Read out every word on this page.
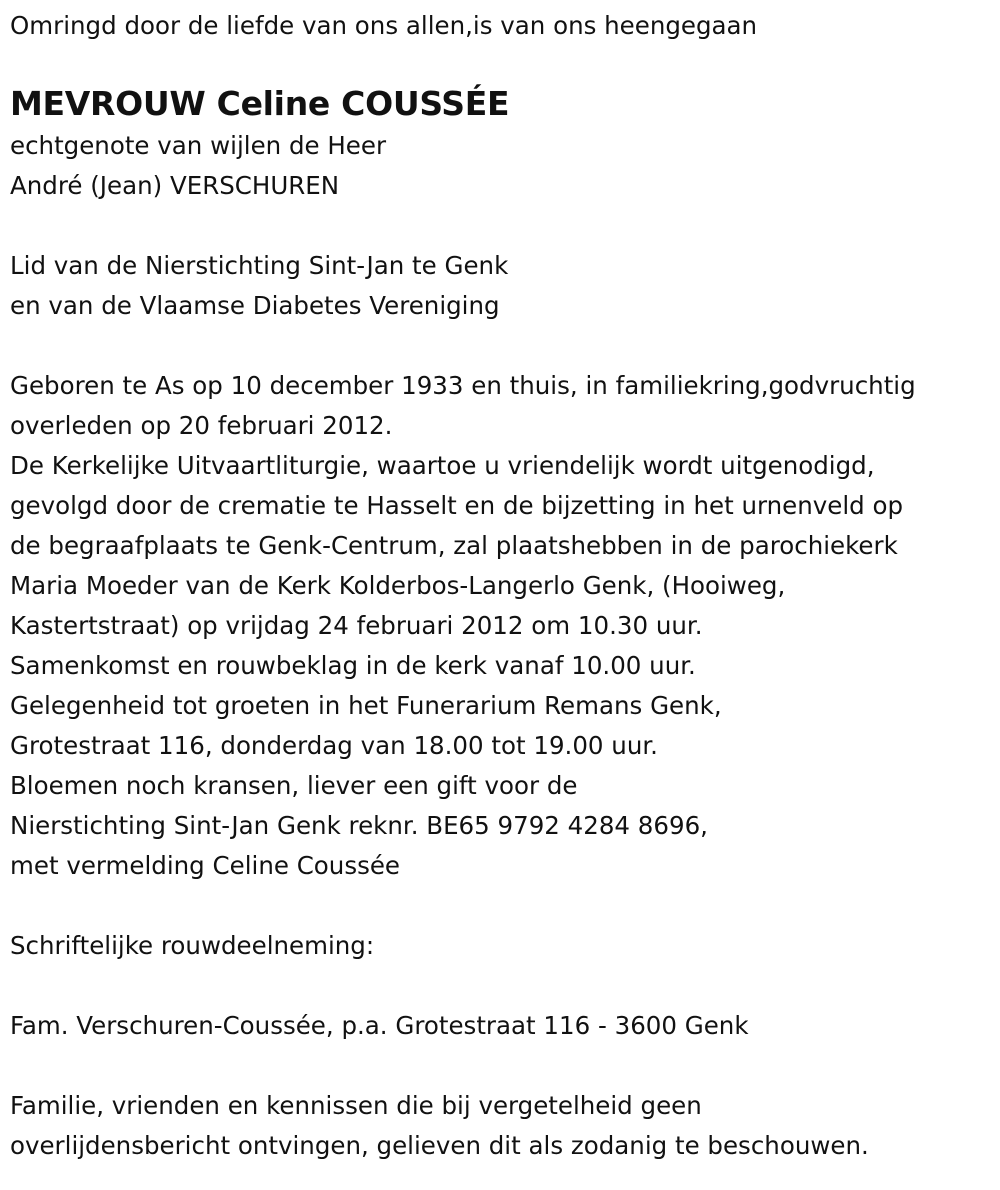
Omringd door de liefde van ons allen,is van ons heengegaan
MEVROUW Celine COUSSÉE
echtgenote van wijlen de Heer
André (Jean) VERSCHUREN
Lid van de Nierstichting Sint-Jan te Genk
en van de Vlaamse Diabetes Vereniging
Geboren te As op 10 december 1933 en thuis, in familiekring,godvruchtig
overleden op 20 februari 2012.
De Kerkelijke Uitvaartliturgie, waartoe u vriendelijk wordt uitgenodigd,
gevolgd door de crematie te Hasselt en de bijzetting in het urnenveld op
de begraafplaats te Genk-Centrum, zal plaatshebben in de parochiekerk
Maria Moeder van de Kerk Kolderbos-Langerlo Genk, (Hooiweg,
Kastertstraat) op vrijdag 24 februari 2012 om 10.30 uur.
Samenkomst en rouwbeklag in de kerk vanaf 10.00 uur.
Gelegenheid tot groeten in het Funerarium Remans Genk,
Grotestraat 116, donderdag van 18.00 tot 19.00 uur.
Bloemen noch kransen, liever een gift voor de
Nierstichting Sint-Jan Genk reknr. BE65 9792 4284 8696,
met vermelding Celine Coussée
Schriftelijke rouwdeelneming:
Fam. Verschuren-Coussée, p.a. Grotestraat 116 - 3600 Genk
Familie, vrienden en kennissen die bij vergetelheid geen
overlijdensbericht ontvingen, gelieven dit als zodanig te beschouwen.
